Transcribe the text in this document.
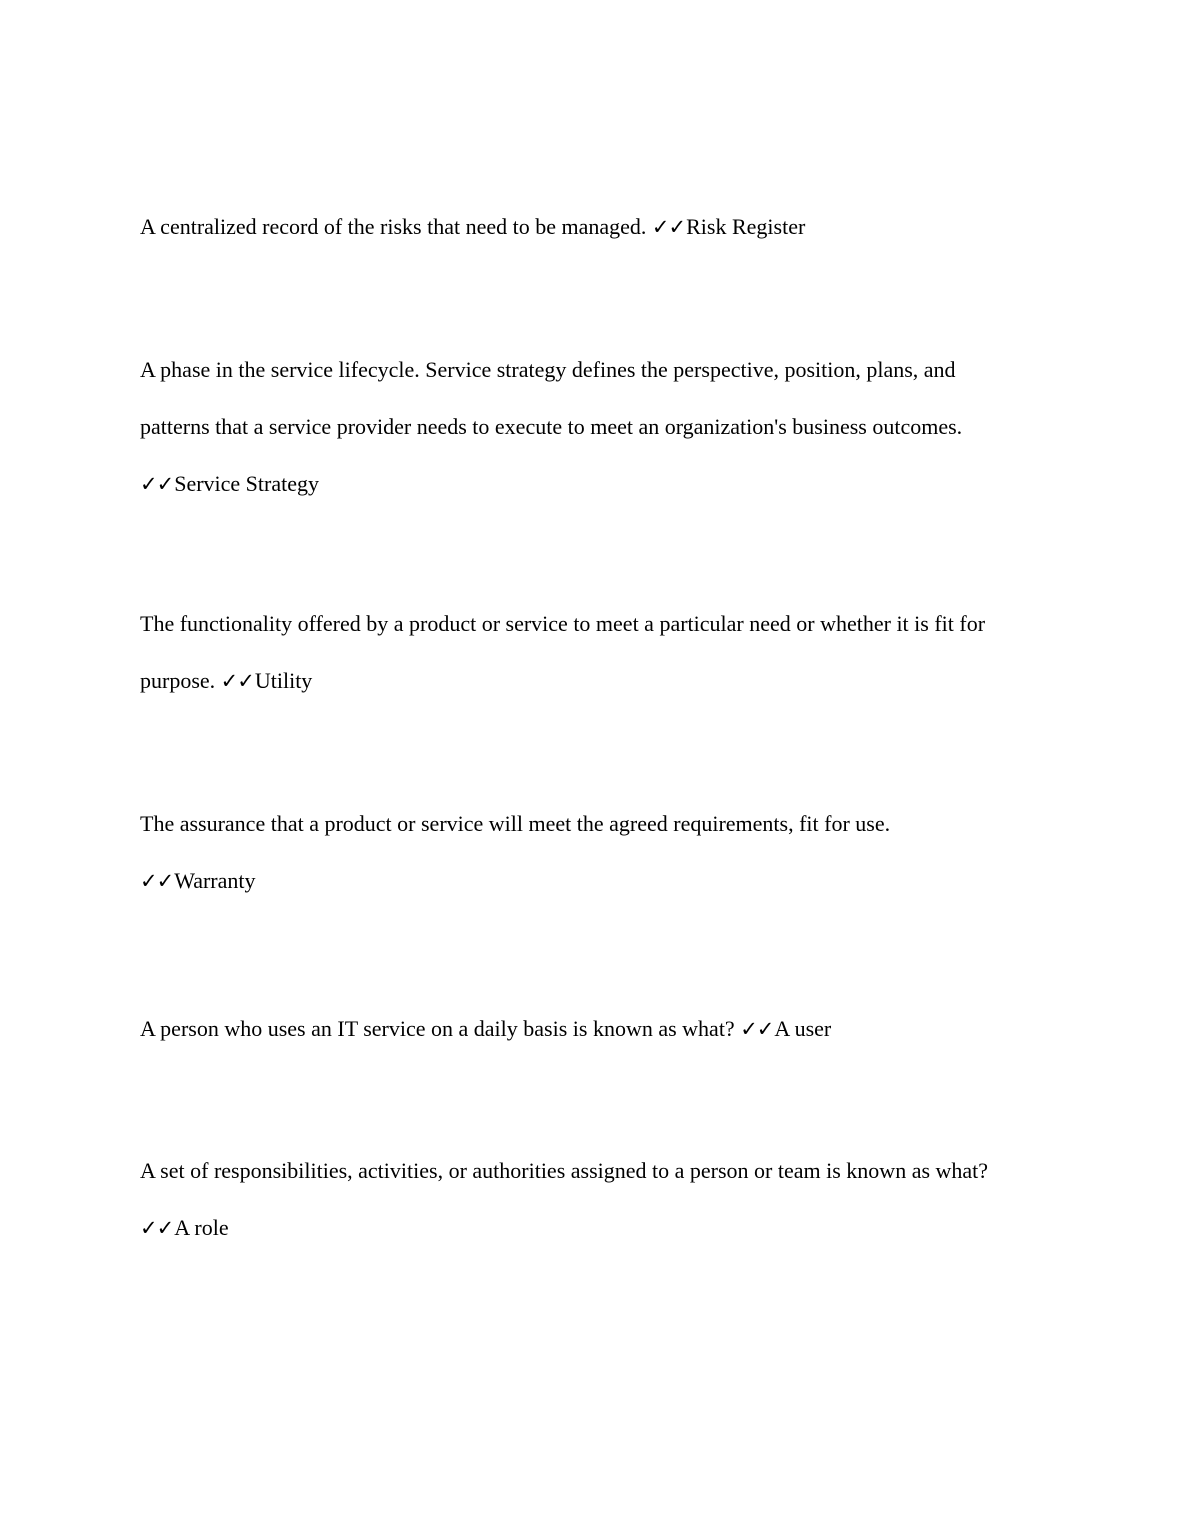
A centralized record of the risks that need to be managed. ✓✓Risk Register
A phase in the service lifecycle. Service strategy defines the perspective, position, plans, and
patterns that a service provider needs to execute to meet an organization's business outcomes.
✓✓Service Strategy
The functionality offered by a product or service to meet a particular need or whether it is fit for
purpose. ✓✓Utility
The assurance that a product or service will meet the agreed requirements, fit for use.
✓✓Warranty
A person who uses an IT service on a daily basis is known as what? ✓✓A user
A set of responsibilities, activities, or authorities assigned to a person or team is known as what?
✓✓A role
